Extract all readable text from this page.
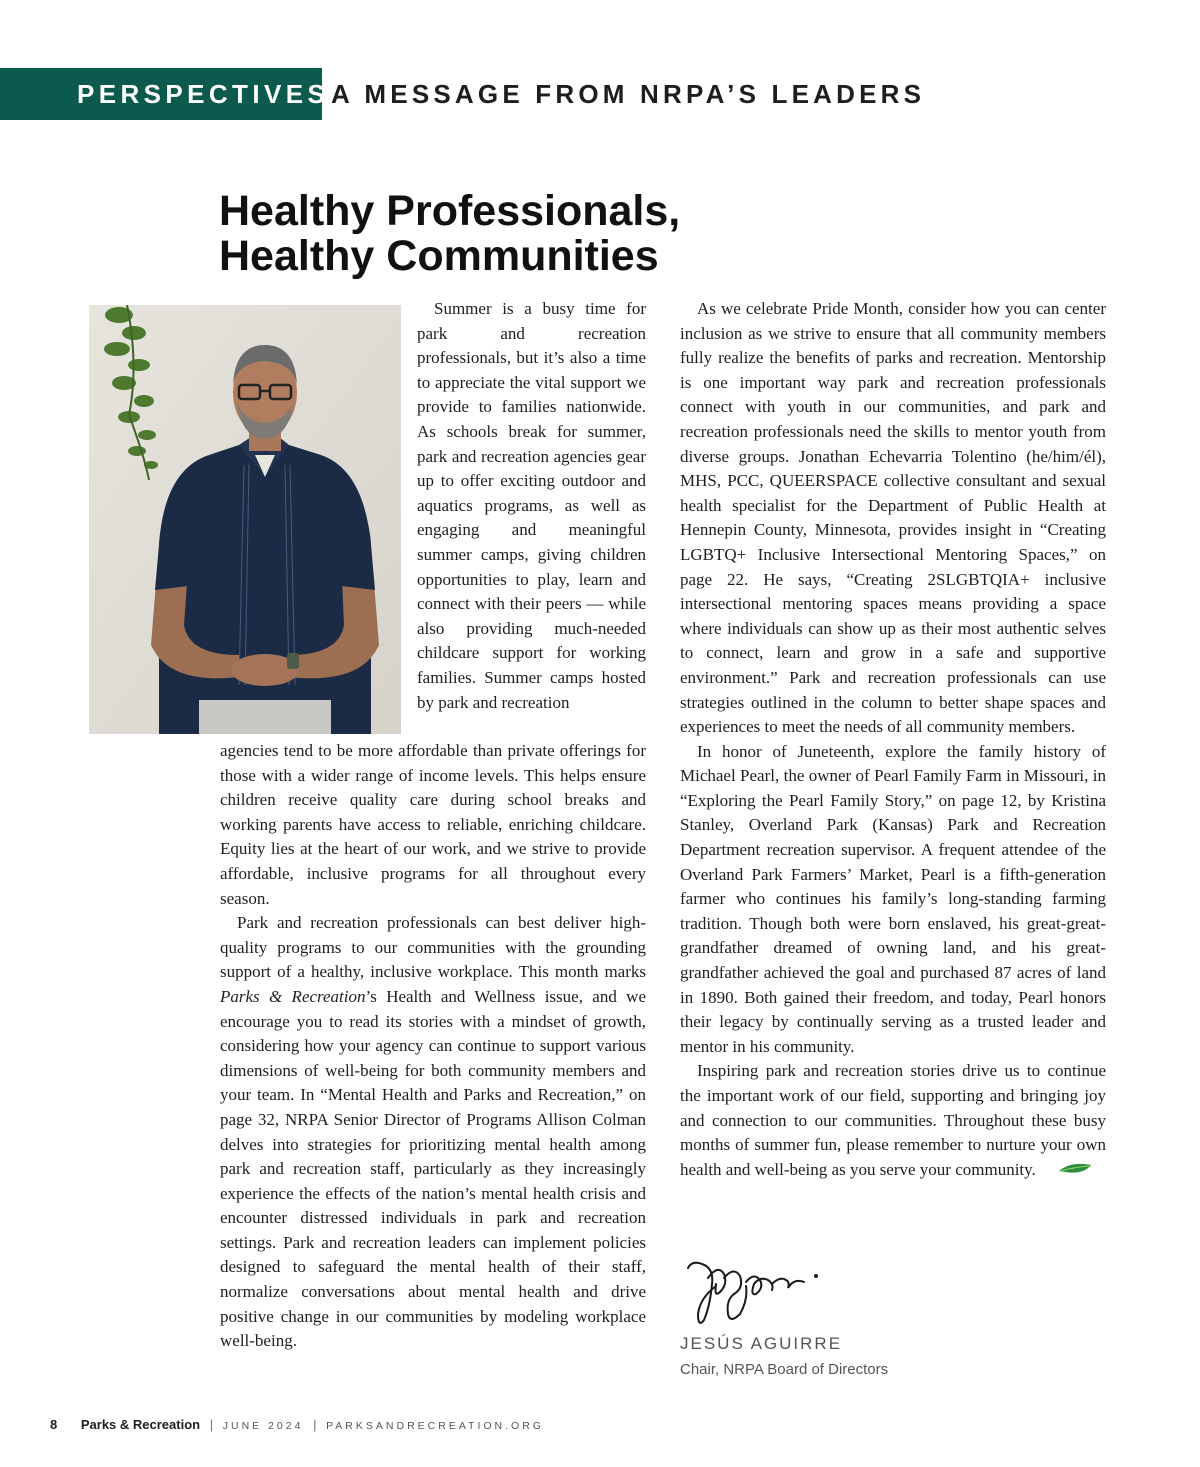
PERSPECTIVES A MESSAGE FROM NRPA’S LEADERS
Healthy Professionals,
Healthy Communities

Summer is a busy time for park and recreation professionals, but it’s also a time to appreciate the vital support we provide to families nationwide. As schools break for summer, park and recreation agencies gear up to offer exciting outdoor and aquatics programs, as well as engaging and meaningful summer camps, giving children opportunities to play, learn and connect with their peers — while also providing much-needed childcare support for working families. Summer camps hosted by park and recreation

agencies tend to be more affordable than private offerings for those with a wider range of income levels. This helps ensure children receive quality care during school breaks and working parents have access to reliable, enriching childcare. Equity lies at the heart of our work, and we strive to provide affordable, inclusive programs for all throughout every season.

Park and recreation professionals can best deliver high-quality programs to our communities with the grounding support of a healthy, inclusive workplace. This month marks Parks & Recreation’s Health and Wellness issue, and we encourage you to read its stories with a mindset of growth, considering how your agency can continue to support various dimensions of well-being for both community members and your team. In “Mental Health and Parks and Recreation,” on page 32, NRPA Senior Director of Programs Allison Colman delves into strategies for prioritizing mental health among park and recreation staff, particularly as they increasingly experience the effects of the nation’s mental health crisis and encounter distressed individuals in park and recreation settings. Park and recreation leaders can implement policies designed to safeguard the mental health of their staff, normalize conversations about mental health and drive positive change in our communities by modeling workplace well-being.

As we celebrate Pride Month, consider how you can center inclusion as we strive to ensure that all community members fully realize the benefits of parks and recreation. Mentorship is one important way park and recreation professionals connect with youth in our communities, and park and recreation professionals need the skills to mentor youth from diverse groups. Jonathan Echevarria Tolentino (he/him/él), MHS, PCC, QUEERSPACE collective consultant and sexual health specialist for the Department of Public Health at Hennepin County, Minnesota, provides insight in “Creating LGBTQ+ Inclusive Intersectional Mentoring Spaces,” on page 22. He says, “Creating 2SLGBTQIA+ inclusive intersectional mentoring spaces means providing a space where individuals can show up as their most authentic selves to connect, learn and grow in a safe and supportive environment.” Park and recreation professionals can use strategies outlined in the column to better shape spaces and experiences to meet the needs of all community members.

In honor of Juneteenth, explore the family history of Michael Pearl, the owner of Pearl Family Farm in Missouri, in “Exploring the Pearl Family Story,” on page 12, by Kristina Stanley, Overland Park (Kansas) Park and Recreation Department recreation supervisor. A frequent attendee of the Overland Park Farmers’ Market, Pearl is a fifth-generation farmer who continues his family’s long-standing farming tradition. Though both were born enslaved, his great-great-grandfather dreamed of owning land, and his great-grandfather achieved the goal and purchased 87 acres of land in 1890. Both gained their freedom, and today, Pearl honors their legacy by continually serving as a trusted leader and mentor in his community.

Inspiring park and recreation stories drive us to continue the important work of our field, supporting and bringing joy and connection to our communities. Throughout these busy months of summer fun, please remember to nurture your own health and well-being as you serve your community.

JESÚS AGUIRRE
Chair, NRPA Board of Directors
8 Parks & Recreation | JUNE 2024 | PARKSANDRECREATION.ORG
